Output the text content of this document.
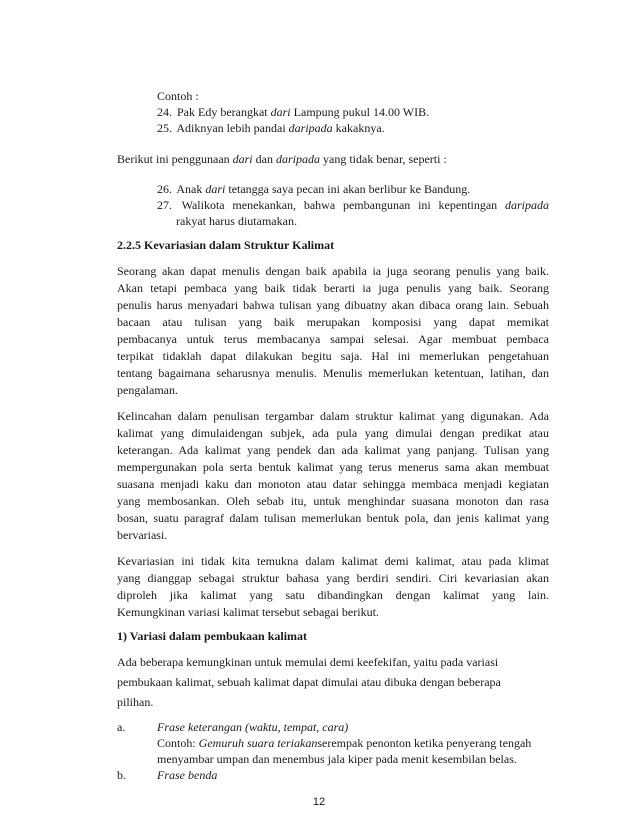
Contoh :
24. Pak Edy berangkat dari Lampung pukul 14.00 WIB.
25. Adiknyan lebih pandai daripada kakaknya.
Berikut ini penggunaan dari dan daripada yang tidak benar, seperti :
26. Anak dari tetangga saya pecan ini akan berlibur ke Bandung.
27. Walikota menekankan, bahwa pembangunan ini kepentingan daripada
rakyat harus diutamakan.
2.2.5 Kevariasian dalam Struktur Kalimat
Seorang akan dapat menulis dengan baik apabila ia juga seorang penulis yang baik.
Akan tetapi pembaca yang baik tidak berarti ia juga penulis yang baik. Seorang
penulis harus menyadari bahwa tulisan yang dibuatny akan dibaca orang lain. Sebuah
bacaan atau tulisan yang baik merupakan komposisi yang dapat memikat
pembacanya untuk terus membacanya sampai selesai. Agar membuat pembaca
terpikat tidaklah dapat dilakukan begitu saja. Hal ini memerlukan pengetahuan
tentang bagaimana seharusnya menulis. Menulis memerlukan ketentuan, latihan, dan
pengalaman.
Kelincahan dalam penulisan tergambar dalam struktur kalimat yang digunakan. Ada
kalimat yang dimulaidengan subjek, ada pula yang dimulai dengan predikat atau
keterangan. Ada kalimat yang pendek dan ada kalimat yang panjang. Tulisan yang
mempergunakan pola serta bentuk kalimat yang terus menerus sama akan membuat
suasana menjadi kaku dan monoton atau datar sehingga membaca menjadi kegiatan
yang membosankan. Oleh sebab itu, untuk menghindar suasana monoton dan rasa
bosan, suatu paragraf dalam tulisan memerlukan bentuk pola, dan jenis kalimat yang
bervariasi.
Kevariasian ini tidak kita temukna dalam kalimat demi kalimat, atau pada klimat
yang dianggap sebagai struktur bahasa yang berdiri sendiri. Ciri kevariasian akan
diproleh jika kalimat yang satu dibandingkan dengan kalimat yang lain.
Kemungkinan variasi kalimat tersebut sebagai berikut.
1) Variasi dalam pembukaan kalimat
Ada beberapa kemungkinan untuk memulai demi keefekifan, yaitu pada variasi
pembukaan kalimat, sebuah kalimat dapat dimulai atau dibuka dengan beberapa
pilihan.
a.	Frase keterangan (waktu, tempat, cara)
Contoh: Gemuruh suara teriakanserempak penonton ketika penyerang tengah
menyambar umpan dan menembus jala kiper pada menit kesembilan belas.
b.	Frase benda
12
